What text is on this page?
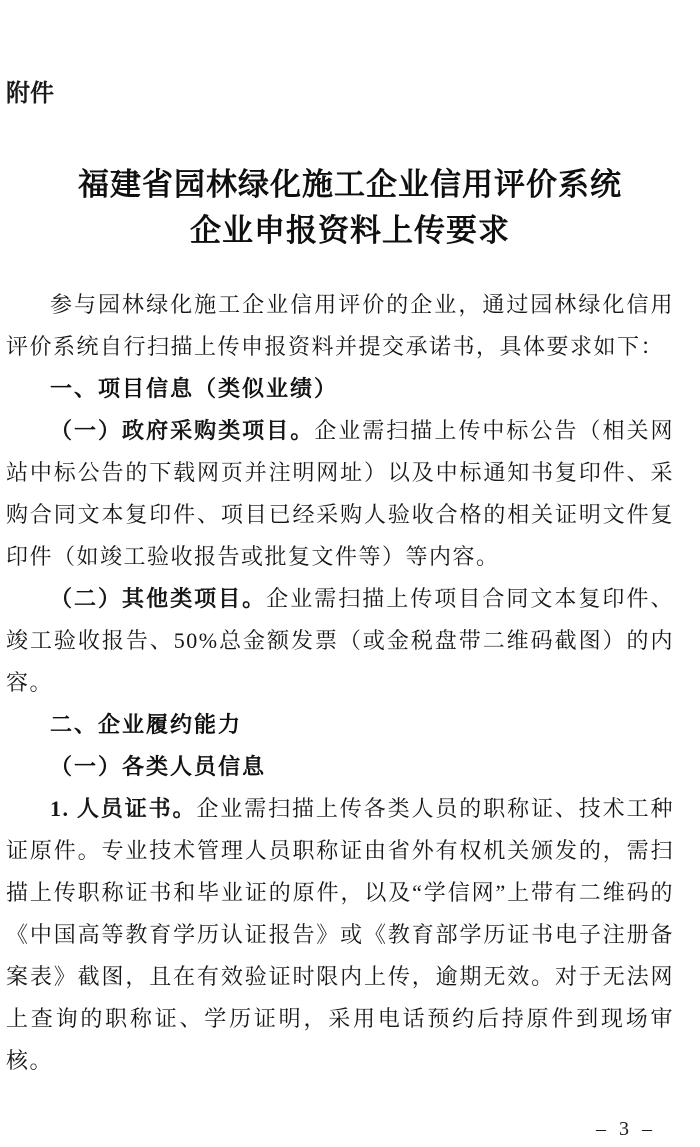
附件
福建省园林绿化施工企业信用评价系统
企业申报资料上传要求

参与园林绿化施工企业信用评价的企业，通过园林绿化信用评价系统自行扫描上传申报资料并提交承诺书，具体要求如下：

一、项目信息（类似业绩）

（一）政府采购类项目。企业需扫描上传中标公告（相关网站中标公告的下载网页并注明网址）以及中标通知书复印件、采购合同文本复印件、项目已经采购人验收合格的相关证明文件复印件（如竣工验收报告或批复文件等）等内容。

（二）其他类项目。企业需扫描上传项目合同文本复印件、竣工验收报告、50%总金额发票（或金税盘带二维码截图）的内容。

二、企业履约能力

（一）各类人员信息

1. 人员证书。企业需扫描上传各类人员的职称证、技术工种证原件。专业技术管理人员职称证由省外有权机关颁发的，需扫描上传职称证书和毕业证的原件，以及“学信网”上带有二维码的《中国高等教育学历认证报告》或《教育部学历证书电子注册备案表》截图，且在有效验证时限内上传，逾期无效。对于无法网上查询的职称证、学历证明，采用电话预约后持原件到现场审核。

– 3 –
